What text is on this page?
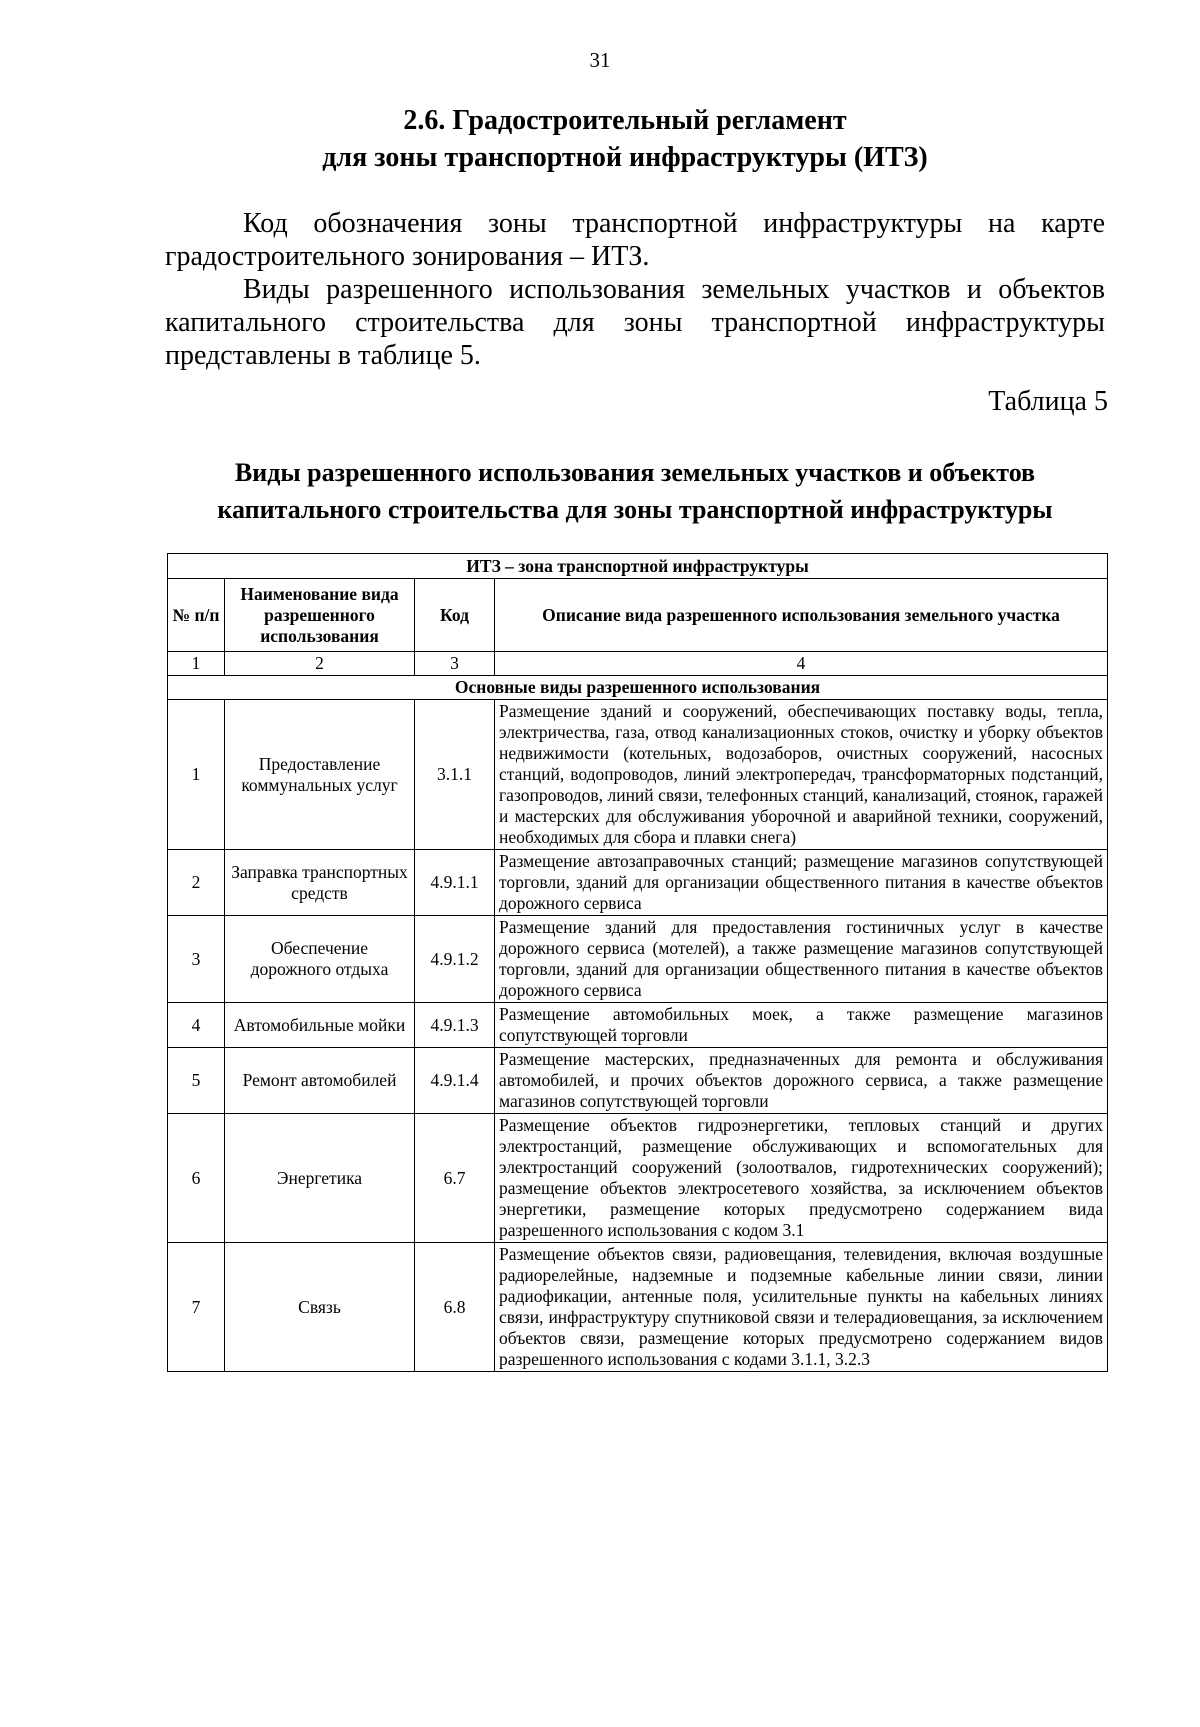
31
2.6. Градостроительный регламент
для зоны транспортной инфраструктуры (ИТЗ)

Код обозначения зоны транспортной инфраструктуры на карте градостроительного зонирования – ИТЗ.

Виды разрешенного использования земельных участков и объектов капитального строительства для зоны транспортной инфраструктуры представлены в таблице 5.

Таблица 5
Виды разрешенного использования земельных участков и объектов
капитального строительства для зоны транспортной инфраструктуры
ИТЗ – зона транспортной инфраструктуры			
№ п/п	Наименование вида разрешенного использования	Код	Описание вида разрешенного использования земельного участка
1	2	3	4
Основные виды разрешенного использования			
1	Предоставление коммунальных услуг	3.1.1	Размещение зданий и сооружений, обеспечивающих поставку воды, тепла, электричества, газа, отвод канализационных стоков, очистку и уборку объектов недвижимости (котельных, водозаборов, очистных сооружений, насосных станций, водопроводов, линий электропередач, трансформаторных подстанций, газопроводов, линий связи, телефонных станций, канализаций, стоянок, гаражей и мастерских для обслуживания уборочной и аварийной техники, сооружений, необходимых для сбора и плавки снега)
2	Заправка транспортных средств	4.9.1.1	Размещение автозаправочных станций; размещение магазинов сопутствующей торговли, зданий для организации общественного питания в качестве объектов дорожного сервиса
3	Обеспечение дорожного отдыха	4.9.1.2	Размещение зданий для предоставления гостиничных услуг в качестве дорожного сервиса (мотелей), а также размещение магазинов сопутствующей торговли, зданий для организации общественного питания в качестве объектов дорожного сервиса
4	Автомобильные мойки	4.9.1.3	Размещение автомобильных моек, а также размещение магазинов сопутствующей торговли
5	Ремонт автомобилей	4.9.1.4	Размещение мастерских, предназначенных для ремонта и обслуживания автомобилей, и прочих объектов дорожного сервиса, а также размещение магазинов сопутствующей торговли
6	Энергетика	6.7	Размещение объектов гидроэнергетики, тепловых станций и других электростанций, размещение обслуживающих и вспомогательных для электростанций сооружений (золоотвалов, гидротехнических сооружений); размещение объектов электросетевого хозяйства, за исключением объектов энергетики, размещение которых предусмотрено содержанием вида разрешенного использования с кодом 3.1
7	Связь	6.8	Размещение объектов связи, радиовещания, телевидения, включая воздушные радиорелейные, надземные и подземные кабельные линии связи, линии радиофикации, антенные поля, усилительные пункты на кабельных линиях связи, инфраструктуру спутниковой связи и телерадиовещания, за исключением объектов связи, размещение которых предусмотрено содержанием видов разрешенного использования с кодами 3.1.1, 3.2.3
